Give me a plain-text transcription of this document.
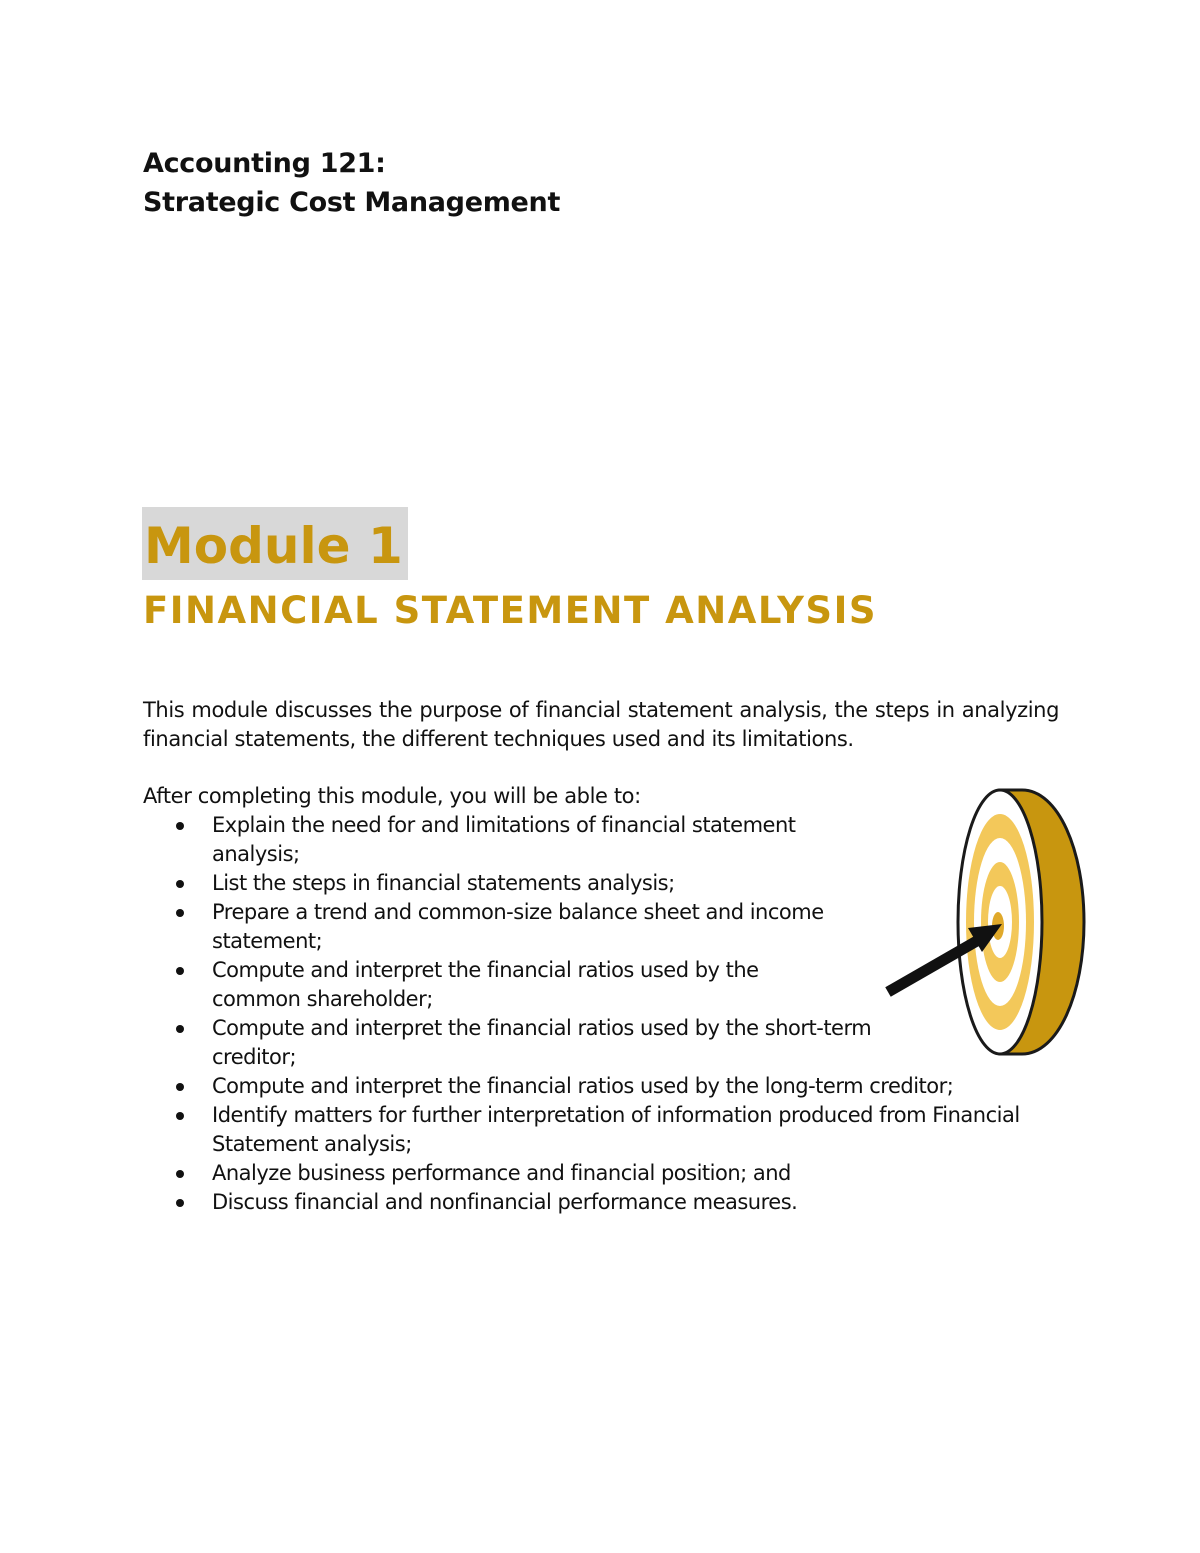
Accounting 121:
Strategic Cost Management
Module 1
FINANCIAL STATEMENT ANALYSIS

This module discusses the purpose of financial statement analysis, the steps in analyzing financial statements, the different techniques used and its limitations.

After completing this module, you will be able to:
Explain the need for and limitations of financial statement analysis;
List the steps in financial statements analysis;
Prepare a trend and common-size balance sheet and income statement;
Compute and interpret the financial ratios used by the common shareholder;
Compute and interpret the financial ratios used by the short-term creditor;
Compute and interpret the financial ratios used by the long-term creditor;
Identify matters for further interpretation of information produced from Financial Statement analysis;
Analyze business performance and financial position; and
Discuss financial and nonfinancial performance measures.
